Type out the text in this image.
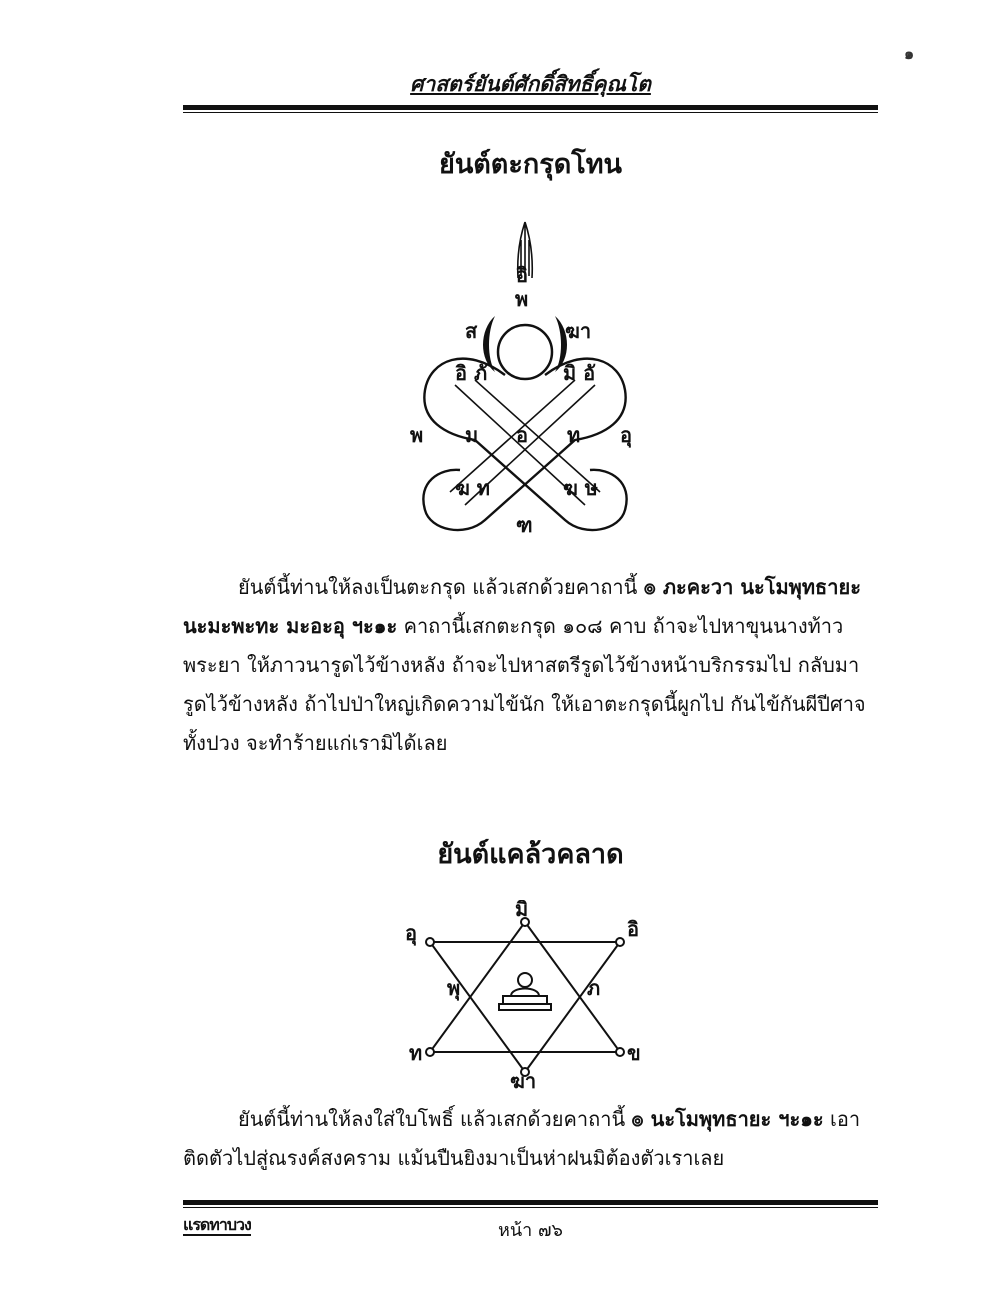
๑
ศาสตร์ยันต์ศักดิ์สิทธิ์คุณโต
ยันต์ตะกรุดโทน
อิ
พ
ส	ฆา
อิ ภั	มิ อั
พ ม อ ท อุ
ฆ ท	ฆ ษ
ฑ
ยันต์นี้ท่านให้ลงเป็นตะกรุด แล้วเสกด้วยคาถานี้ ๏ ภะคะวา นะโมพุทธายะ นะมะพะทะ มะอะอุ ฯะ๑ะ คาถานี้เสกตะกรุด ๑๐๘ คาบ ถ้าจะไปหาขุนนางท้าวพระยา ให้ภาวนารูดไว้ข้างหลัง ถ้าจะไปหาสตรีรูดไว้ข้างหน้าบริกรรมไป กลับมารูดไว้ข้างหลัง ถ้าไปป่าใหญ่เกิดความไข้นัก ให้เอาตะกรุดนี้ผูกไป กันไข้กันผีปีศาจทั้งปวง จะทำร้ายแก่เรามิได้เลย
ยันต์แคล้วคลาด
มิ
อุ	อิ
พุ	ภ
ท	ข
ฆา
ยันต์นี้ท่านให้ลงใส่ใบโพธิ์ แล้วเสกด้วยคาถานี้ ๏ นะโมพุทธายะ ฯะ๑ะ เอาติดตัวไปสู่ณรงค์สงคราม แม้นปืนยิงมาเป็นห่าฝนมิต้องตัวเราเลย
แรดทาบวง	หน้า ๗๖
